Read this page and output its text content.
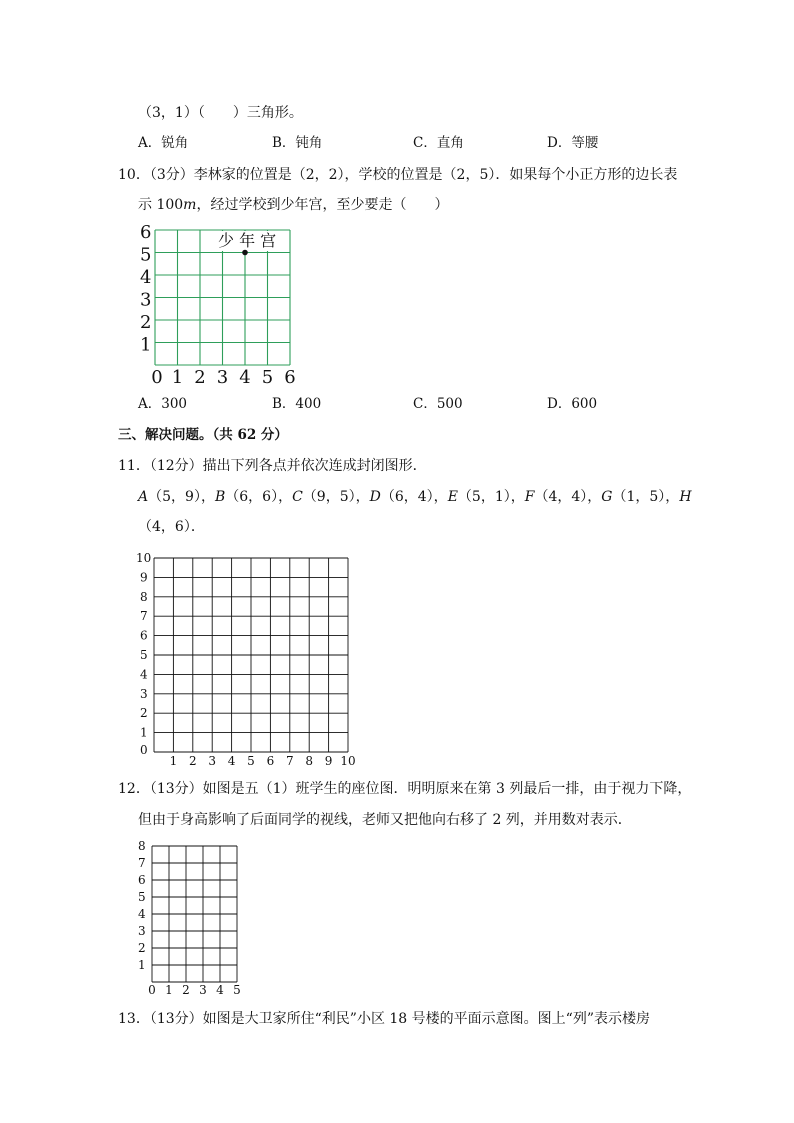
（3，1）（　　）三角形。
A．锐角	B．钝角	C．直角	D．等腰
10．（3分）李林家的位置是（2，2），学校的位置是（2，5）．如果每个小正方形的边长表
示 100m，经过学校到少年宫，至少要走（　　）
少 年 宫
6
5
4
3
2
1
0 1 2 3 4 5 6
A．300	B．400	C．500	D．600
三、解决问题。（共 62 分）
11．（12分）描出下列各点并依次连成封闭图形．
A（5，9），B（6，6），C（9，5），D（6，4），E（5，1），F（4，4），G（1，5），H
（4，6）．
10
9
8
7
6
5
4
3
2
1
0
1 2 3 4 5 6 7 8 9 10
12．（13分）如图是五（1）班学生的座位图．明明原来在第 3 列最后一排，由于视力下降，
但由于身高影响了后面同学的视线，老师又把他向右移了 2 列，并用数对表示．
8
7
6
5
4
3
2
1
0 1 2 3 4 5
13．（13分）如图是大卫家所住“利民”小区 18 号楼的平面示意图。图上“列”表示楼房
